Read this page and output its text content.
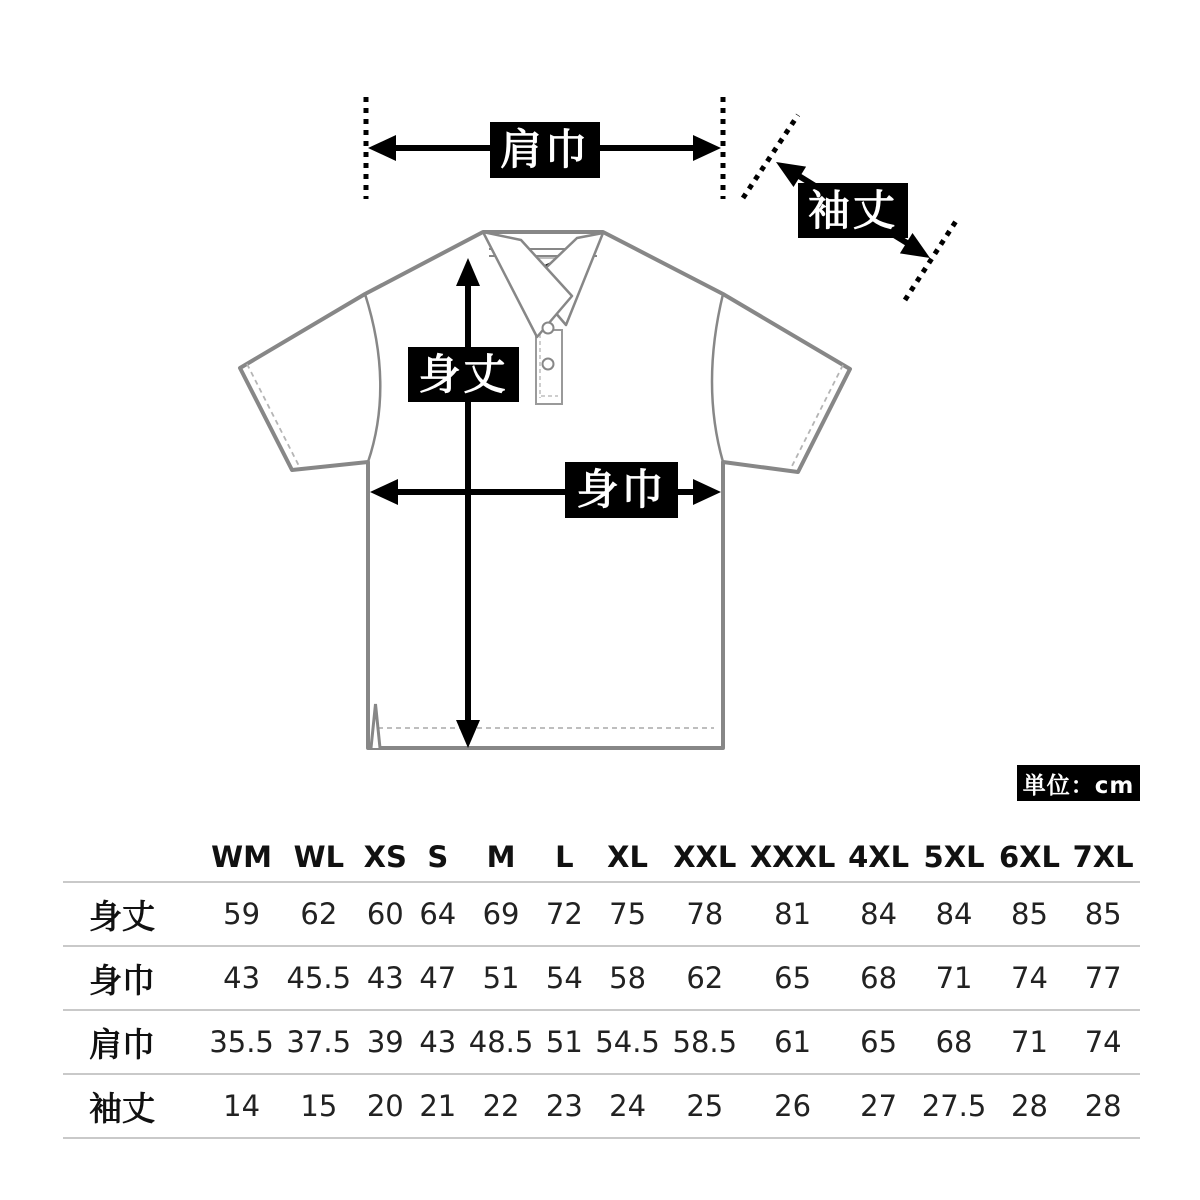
肩巾
袖丈
身丈
身巾
単位：cm
	WM	WL	XS	S	M	L	XL	XXL	XXXL	4XL	5XL	6XL	7XL
身丈	59	62	60	64	69	72	75	78	81	84	84	85	85
身巾	43	45.5	43	47	51	54	58	62	65	68	71	74	77
肩巾	35.5	37.5	39	43	48.5	51	54.5	58.5	61	65	68	71	74
袖丈	14	15	20	21	22	23	24	25	26	27	27.5	28	28
